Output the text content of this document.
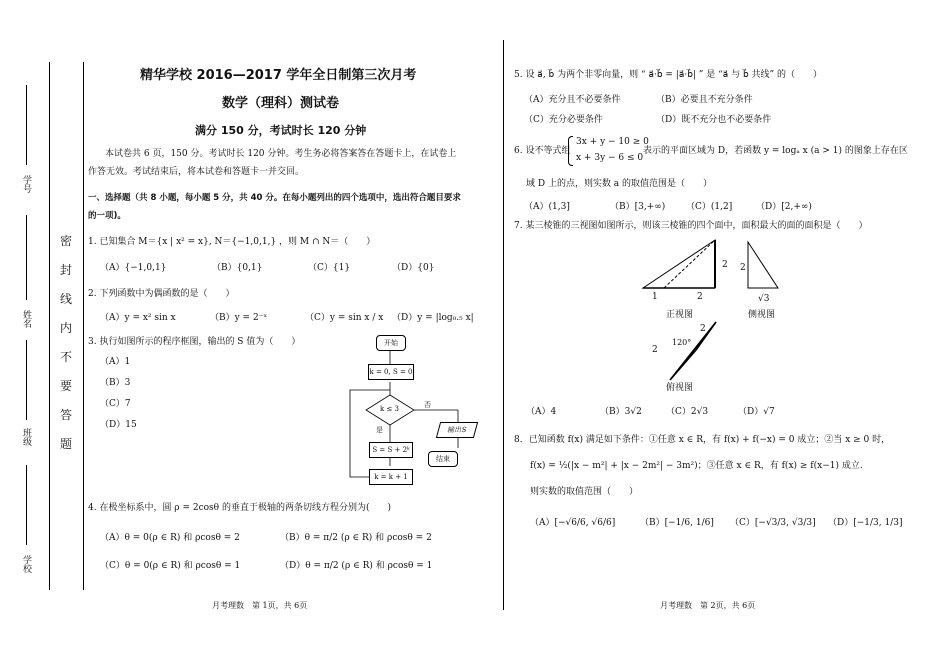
学号
姓名
班级
学校
密
封
线
内
不
要
答
题
精华学校 2016—2017 学年全日制第三次月考
数学（理科）测试卷
满分 150 分，考试时长 120 分钟
本试卷共 6 页，150 分。考试时长 120 分钟。考生务必将答案答在答题卡上，在试卷上
作答无效。考试结束后，将本试卷和答题卡一并交回。
一、选择题（共 8 小题，每小题 5 分，共 40 分。在每小题列出的四个选项中，选出符合题目要求
的一项)。
1. 已知集合 M＝{x | x² = x}, N＝{−1,0,1,} ，则 M ∩ N＝（　　）
（A）{−1,0,1}	（B）{0,1}	（C）{1}	（D）{0}
2. 下列函数中为偶函数的是（　　）
（A）y = x² sin x	（B）y = 2⁻ˣ	（C）y = sin x / x （D）y = |log₀.₅ x|
3. 执行如图所示的程序框图，输出的 S 值为（　　）
（A）1
（B）3
（C）7
（D）15
开始
k = 0, S = 0
k ≤ 3	否
是
S = S + 2ᵏ
k = k + 1
输出S
结束
4. 在极坐标系中，圆 ρ = 2cosθ 的垂直于极轴的两条切线方程分别为(　　)
（A）θ = 0(ρ ∈ R) 和 ρcosθ = 2	（B）θ = π/2 (ρ ∈ R) 和 ρcosθ = 2
（C）θ = 0(ρ ∈ R) 和 ρcosθ = 1	（D）θ = π/2 (ρ ∈ R) 和 ρcosθ = 1
月考理数　第 1页，共 6页
5. 设 a⃗, b⃗ 为两个非零向量，则 “ a⃗·b⃗ = |a⃗·b⃗| ” 是 “a⃗ 与 b⃗ 共线” 的（　　）
（A）充分且不必要条件	（B）必要且不充分条件
（C）充分必要条件	（D）既不充分也不必要条件
6. 设不等式组
3x + y − 10 ≥ 0
x + 3y − 6 ≤ 0
表示的平面区域为 D，若函数 y = logₐ x (a > 1) 的图象上存在区
域 D 上的点，则实数 a 的取值范围是（　　）
（A）(1,3]	（B）[3,+∞) （C）(1,2]	（D）[2,+∞)
7. 某三棱锥的三视图如图所示，则该三棱锥的四个面中，面积最大的面的面积是（　　）
2
1	2
2
√3
正视图	侧视图
2
2
120°
俯视图
（A）4	（B）3√2	（C）2√3	（D）√7
8．已知函数 f(x) 满足如下条件：①任意 x ∈ R，有 f(x) + f(−x) = 0 成立；②当 x ≥ 0 时，
f(x) = ½(|x − m²| + |x − 2m²| − 3m²)；③任意 x ∈ R，有 f(x) ≥ f(x−1) 成立.
则实数的取值范围（　　）
（A）[−√6/6, √6/6]	（B）[−1/6, 1/6] （C）[−√3/3, √3/3] （D）[−1/3, 1/3]
月考理数　第 2页，共 6页
